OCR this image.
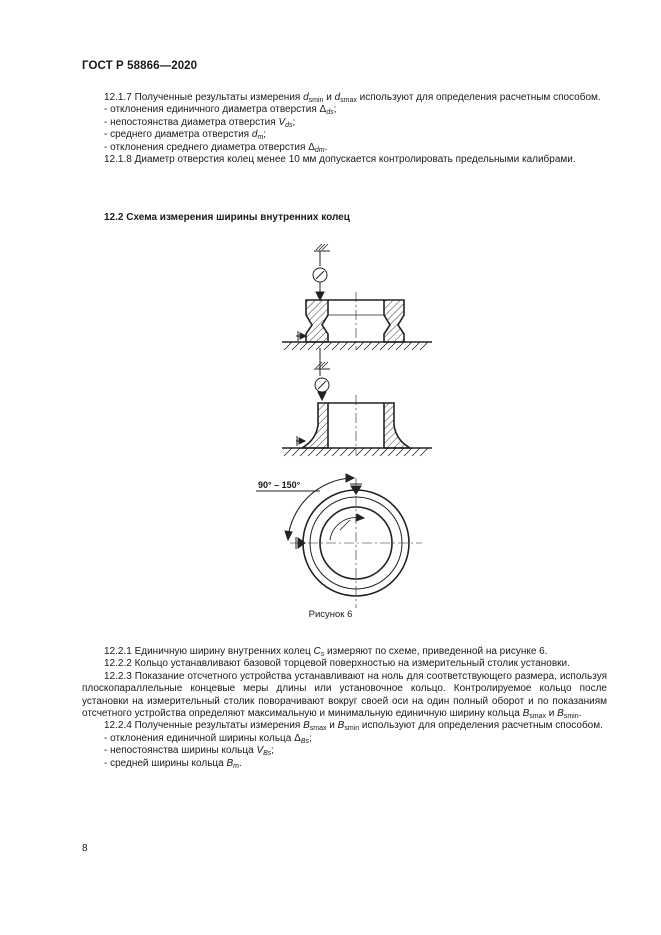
ГОСТ Р 58866—2020

12.1.7 Полученные результаты измерения $d_{smin}$ и $d_{smax}$ используют для определения расчетным способом.

- отклонения единичного диаметра отверстия $\Delta_{ds}$;

- непостоянства диаметра отверстия $V_{ds}$;

- среднего диаметра отверстия $d_m$;

- отклонения среднего диаметра отверстия $\Delta_{dm}$.

12.1.8 Диаметр отверстия колец менее 10 мм допускается контролировать предельными калибрами.

12.2 Схема измерения ширины внутренних колец
90° – 150°
Рисунок 6

12.2.1 Единичную ширину внутренних колец $C_s$ измеряют по схеме, приведенной на рисунке 6.

12.2.2 Кольцо устанавливают базовой торцевой поверхностью на измерительный столик установки.

12.2.3 Показание отсчетного устройства устанавливают на ноль для соответствующего размера, используя плоскопараллельные концевые меры длины или установочное кольцо. Контролируемое кольцо после установки на измерительный столик поворачивают вокруг своей оси на один полный оборот и по показаниям отсчетного устройства определяют максимальную и минимальную единичную ширину кольца $B_{smax}$ и $B_{smin}$.

12.2.4 Полученные результаты измерения $B_{smax}$ и $B_{smin}$ используют для определения расчетным способом.

- отклонения единичной ширины кольца $\Delta_{Bs}$;

- непостоянства ширины кольца $V_{Bs}$;

- средней ширины кольца $B_m$.

8
